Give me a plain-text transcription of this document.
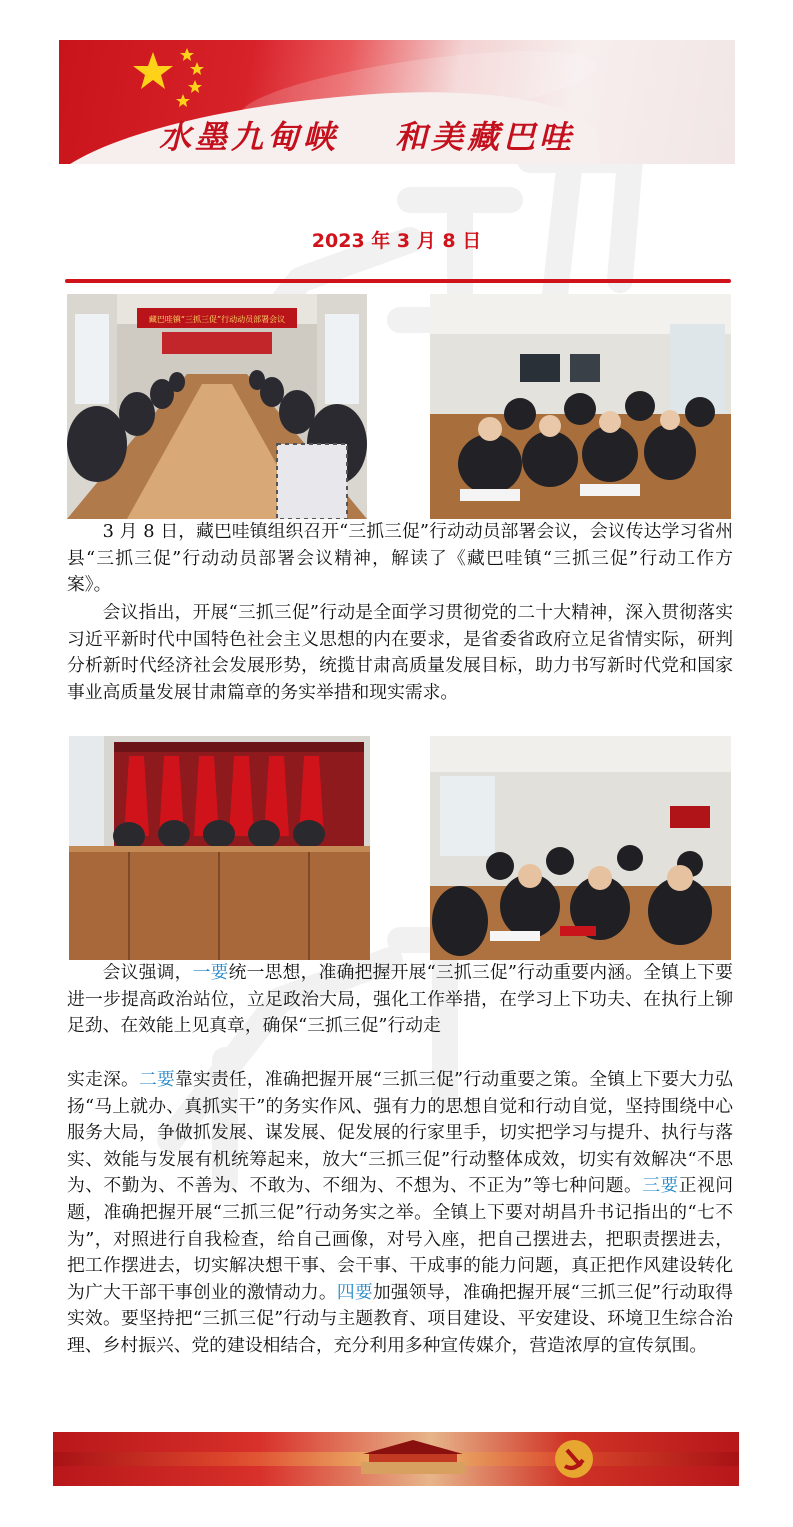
水墨九甸峡 和美藏巴哇
2023 年 3 月 8 日
藏巴哇镇“三抓三促”行动动员部署会议

3 月 8 日，藏巴哇镇组织召开“三抓三促”行动动员部署会议，会议传达学习省州县“三抓三促”行动动员部署会议精神，解读了《藏巴哇镇“三抓三促”行动工作方案》。

会议指出，开展“三抓三促”行动是全面学习贯彻党的二十大精神，深入贯彻落实习近平新时代中国特色社会主义思想的内在要求，是省委省政府立足省情实际，研判分析新时代经济社会发展形势，统揽甘肃高质量发展目标，助力书写新时代党和国家事业高质量发展甘肃篇章的务实举措和现实需求。

会议强调，一要统一思想，准确把握开展“三抓三促”行动重要内涵。全镇上下要进一步提高政治站位，立足政治大局，强化工作举措，在学习上下功夫、在执行上铆足劲、在效能上见真章，确保“三抓三促”行动走

实走深。二要靠实责任，准确把握开展“三抓三促”行动重要之策。全镇上下要大力弘扬“马上就办、真抓实干”的务实作风、强有力的思想自觉和行动自觉，坚持围绕中心服务大局，争做抓发展、谋发展、促发展的行家里手，切实把学习与提升、执行与落实、效能与发展有机统筹起来，放大“三抓三促”行动整体成效，切实有效解决“不思为、不勤为、不善为、不敢为、不细为、不想为、不正为”等七种问题。三要正视问题，准确把握开展“三抓三促”行动务实之举。全镇上下要对胡昌升书记指出的“七不为”，对照进行自我检查，给自己画像，对号入座，把自己摆进去，把职责摆进去，把工作摆进去，切实解决想干事、会干事、干成事的能力问题，真正把作风建设转化为广大干部干事创业的激情动力。四要加强领导，准确把握开展“三抓三促”行动取得实效。要坚持把“三抓三促”行动与主题教育、项目建设、平安建设、环境卫生综合治理、乡村振兴、党的建设相结合，充分利用多种宣传媒介，营造浓厚的宣传氛围。
